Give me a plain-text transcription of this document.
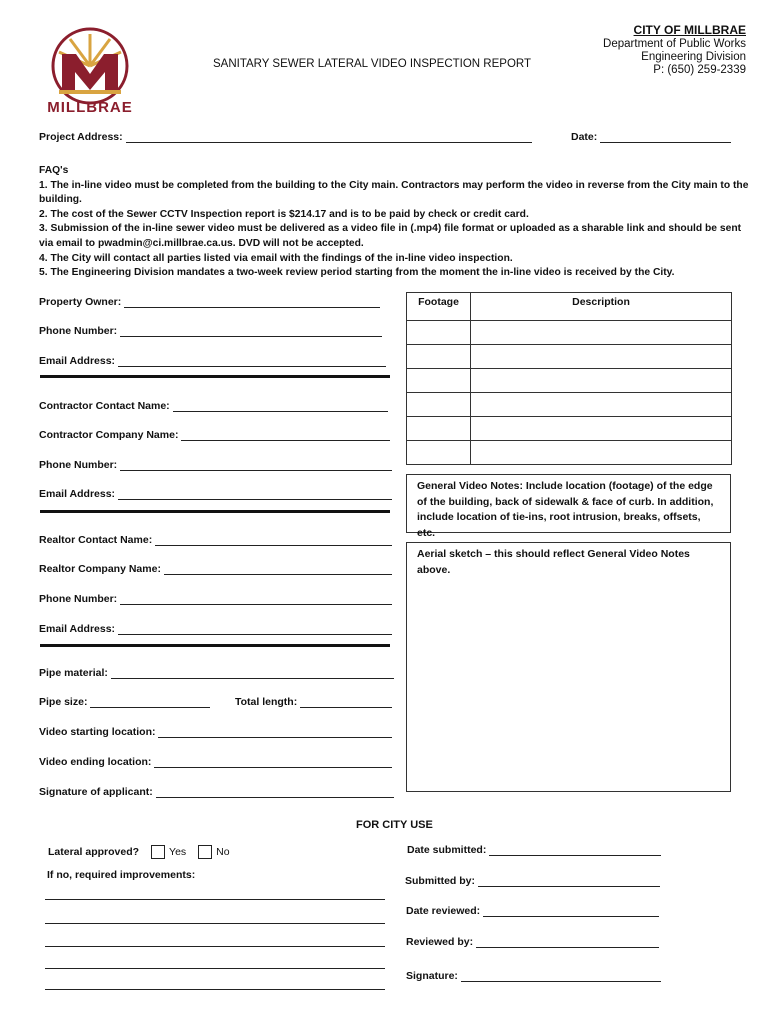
MILLBRAE
SANITARY SEWER LATERAL VIDEO INSPECTION REPORT
CITY OF MILLBRAE
Department of Public Works
Engineering Division
P: (650) 259-2339
Project Address:	Date:

FAQ's

1. The in-line video must be completed from the building to the City main. Contractors may perform the video in reverse from the City main to the building.

2. The cost of the Sewer CCTV Inspection report is $214.17 and is to be paid by check or credit card.

3. Submission of the in-line sewer video must be delivered as a video file in (.mp4) file format or uploaded as a sharable link and should be sent via email to pwadmin@ci.millbrae.ca.us. DVD will not be accepted.

4. The City will contact all parties listed via email with the findings of the in-line video inspection.

5. The Engineering Division mandates a two-week review period starting from the moment the in-line video is received by the City.

Property Owner:
Phone Number:
Email Address:
Contractor Contact Name:
Contractor Company Name:
Phone Number:
Email Address:
Realtor Contact Name:
Realtor Company Name:
Phone Number:
Email Address:
Pipe material:
Pipe size:	Total length:
Video starting location:
Video ending location:
Signature of applicant:
Footage	Description

General Video Notes: Include location (footage) of the edge of the building, back of sidewalk & face of curb. In addition, include location of tie-ins, root intrusion, breaks, offsets, etc.
Aerial sketch – this should reflect General Video Notes above.
FOR CITY USE
Lateral approved?	Yes	No
If no, required improvements:
Date submitted:
Submitted by:
Date reviewed:
Reviewed by:
Signature:
